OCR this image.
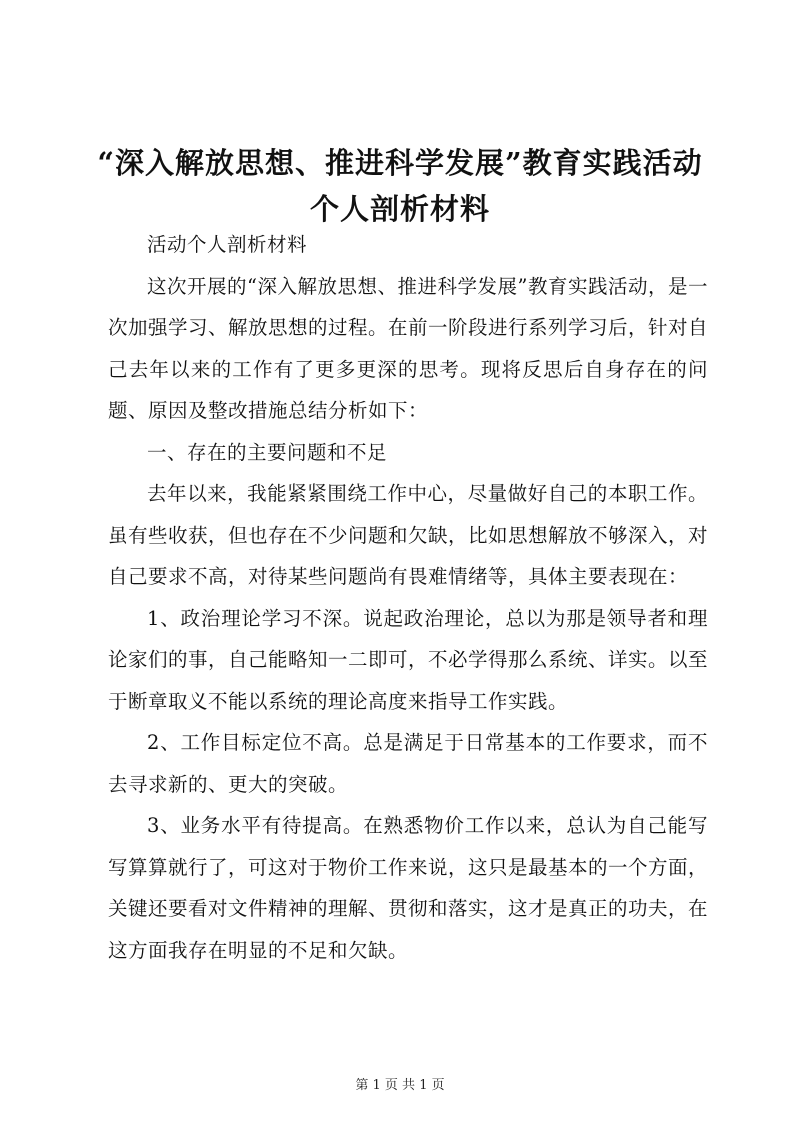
“深入解放思想、推进科学发展”教育实践活动个人剖析材料

活动个人剖析材料

这次开展的“深入解放思想、推进科学发展”教育实践活动，是一次加强学习、解放思想的过程。在前一阶段进行系列学习后，针对自己去年以来的工作有了更多更深的思考。现将反思后自身存在的问题、原因及整改措施总结分析如下：

一、存在的主要问题和不足

去年以来，我能紧紧围绕工作中心，尽量做好自己的本职工作。虽有些收获，但也存在不少问题和欠缺，比如思想解放不够深入，对自己要求不高，对待某些问题尚有畏难情绪等，具体主要表现在：

1、政治理论学习不深。说起政治理论，总以为那是领导者和理论家们的事，自己能略知一二即可，不必学得那么系统、详实。以至于断章取义不能以系统的理论高度来指导工作实践。

2、工作目标定位不高。总是满足于日常基本的工作要求，而不去寻求新的、更大的突破。

3、业务水平有待提高。在熟悉物价工作以来，总认为自己能写写算算就行了，可这对于物价工作来说，这只是最基本的一个方面，关键还要看对文件精神的理解、贯彻和落实，这才是真正的功夫，在这方面我存在明显的不足和欠缺。

第 1 页 共 1 页
